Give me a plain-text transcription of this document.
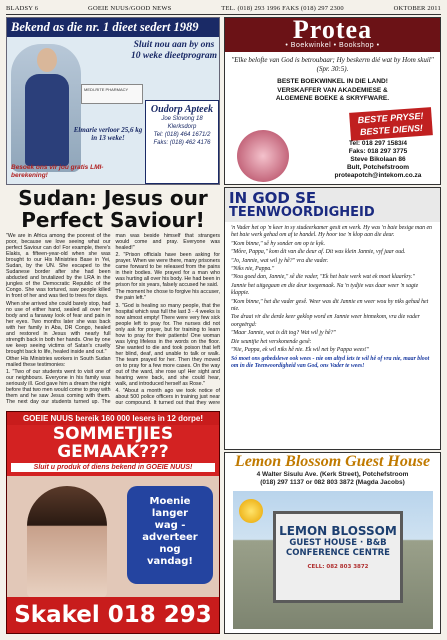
BLADSY 6	GOEIE NUUS/GOOD NEWS	TEL. (018) 293 1996 FAKS (018) 297 2300	OKTOBER 2011
Bekend as die nr. 1 dieet sedert 1989
Sluit nou aan by ons 10 weke dieetprogram
MEDI-RITE PHARMACY
Elmarie verloor 25,6 kg in 13 weke!
Oudorp Apteek
Joe Slovong 18
Klerksdorp
Tel: (018) 464 1671/2
Faks: (018) 462 4176
Besoek ons vir jou gratis LMI-berekening!
Protea
• Boekwinkel • Bookshop •
"Elke belofte van God is betroubaar; Hy beskerm dié wat by Hom skuil" (Spr. 30:5).
BESTE BOEKWINKEL IN DIE LAND!
VERSKAFFER VAN AKADEMIESE &
ALGEMENE BOEKE & SKRYFWARE.
BESTE PRYSE!
BESTE DIENS!
Tel: 018 297 1583/4
Faks: 018 297 3775
Steve Bikolaan 86
Bult, Potchefstroom
proteapotch@intekom.co.za
Sudan: Jesus our Perfect Saviour!

"We are in Africa among the poorest of the poor, because we love seeing what our perfect Saviour can do! For example, there's Elakis, a fifteen-year-old when she was brought to our His Ministries Base in Yei, Sudan, by the UN. She escaped to the Sudanese border after she had been abducted and brutalized by the LRA in the jungles of the Democratic Republic of the Congo. She was tortured, saw people killed in front of her and was tied to trees for days.

When she arrived she could barely stop, had no use of either hand, sealed all over her body and a faraway look of fear and pain in her eyes. Two months later she was back with her family in Aba, DR Congo, healed and restored in Jesus with nearly full strength back in both her hands. One by one we keep seeing victims of Satan's cruelty brought back to life, healed inside and out."

Other His Ministries workers in South Sudan mailed these testimonies:

1. "Two of our students went to visit one of our neighbours. Everyone in his family was seriously ill. God gave him a dream the night before that two men would come to pray with them and he saw Jesus coming with them. The next day our students turned up. The man was beside himself that strangers would come and pray. Everyone was healed!"

2. "Prison officials have been asking for prayer. When we were there, many prisoners came forward to be released from the pains in their bodies. We prayed for a man who was hurting all over his body. He had been in prison for six years, falsely accused he said.

The moment he chose to forgive his accuser, the pain left."

3. "God is healing so many people, that the hospital which was full the last 3 - 4 weeks is now almost empty! There were very few sick people left to pray for. The nurses did not only ask for prayer, but for training to learn how to pray for their patients! One woman was lying lifeless in the words on the floor. She wanted to die and took poison that left her blind, deaf, and unable to talk or walk. The team prayed for her. Then they moved on to pray for a few more cases. On the way out of the ward, she rose up! Her sight and hearing were back, and she could hear, walk, and introduced herself as Rose."

4. "About a month ago we took notice of about 500 police officers in training just near our compound. It turned out that they were

IN GOD SE
TEENWOORDIGHEID

'n Vader het op 'n keer in sy studeerkamer gesit en werk. Hy was 'n baie besige man en het baie werk gehad om af te handel. Hy hoor toe 'n klop aan die deur.

"Kom binne," sê hy sonder om op te kyk.

"Môre, Pappa," kom dit van die deur af. Dit was klein Jannie, vyf jaar oud.

"Jo, Jannie, wat wil jy hê?" vra die vader.

"Niks nie, Pappa."

"Nou goed dan, Jannie," sê die vader, "Ek het baie werk wat ek moet klaarkry."

Jannie het uitgegaan en die deur toegemaak. Na 'n tydjie was daar weer 'n sagte klappie.

"Kom binne," het die vader gesê. Weer was dit Jannie en weer wou hy niks gehad het nie.

Toe draai vir die derde keer geklop word en Jannie weer binnekom, vra die vader oorgeërgd:

"Maar Jannie, wat is dit tog? Wat wil jy hê?"

Die seuntjie het verskonende gesê:

"Nie, Pappa, ek wil niks hê nie. Ek wil net by Pappa wees!"

Só moet ons gebedslewe ook wees - nie om altyd iets te wil hê of vra nie, maar bloot om in die Teenwoordigheid van God, ons Vader te wees!

GOEIE NUUS bereik 160 000 lesers in 12 dorpe!
SOMMETJIES GEMAAK???
Sluit u produk of diens bekend in GOEIE NUUS!
Moenie
langer
wag -
adverteer
nog
vandag!
Skakel 018 293
Lemon Blossom Guest House
4 Walter Sisulu Ave. (Kerk Street), Potchefstroom
(018) 297 1137 or 082 803 3872 (Magda Jacobs)
LEMON BLOSSOM
GUEST HOUSE · B&B
CONFERENCE CENTRE
CELL: 082 803 3872
